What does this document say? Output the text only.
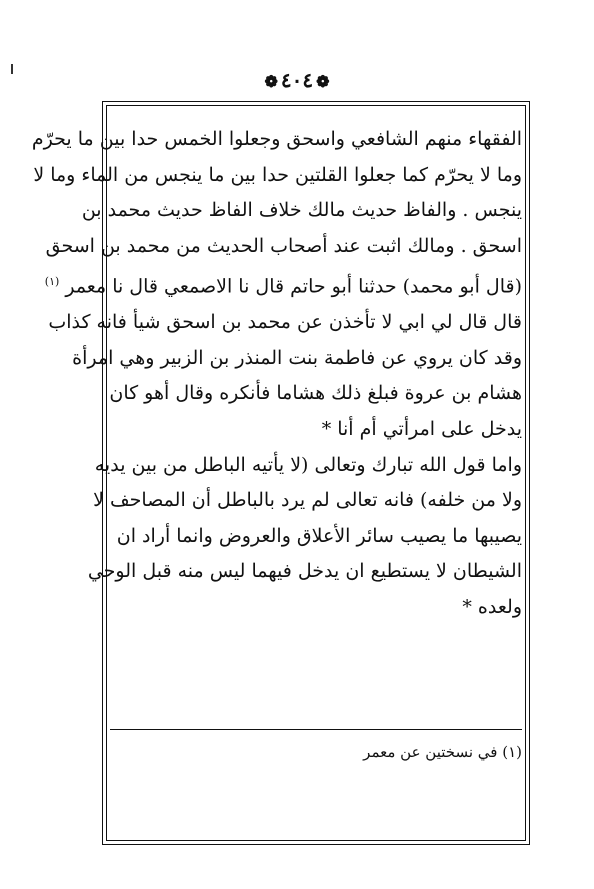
❁ ٤٠٤ ❁
الفقهاء منهم الشافعي واسحق وجعلوا الخمس حدا بين ما يحرّم
وما لا يحرّم كما جعلوا القلتين حدا بين ما ينجس من الماء وما لا
ينجس . والفاظ حديث مالك خلاف الفاظ حديث محمد بن
اسحق . ومالك اثبت عند أصحاب الحديث من محمد بن اسحق
(قال أبو محمد) حدثنا أبو حاتم قال نا الاصمعي قال نا معمر $^{(١)}$
قال قال لي ابي لا تأخذن عن محمد بن اسحق شيأ فانه كذاب
وقد كان يروي عن فاطمة بنت المنذر بن الزبير وهي امرأة
هشام بن عروة فبلغ ذلك هشاما فأنكره وقال أهو كان
يدخل على امرأتي أم أنا *
واما قول الله تبارك وتعالى (لا يأتيه الباطل من بين يديه
ولا من خلفه) فانه تعالى لم يرد بالباطل أن المصاحف لا
يصيبها ما يصيب سائر الأعلاق والعروض وانما أراد ان
الشيطان لا يستطيع ان يدخل فيهما ليس منه قبل الوحي
ولعده *
(١) في نسختين عن معمر
